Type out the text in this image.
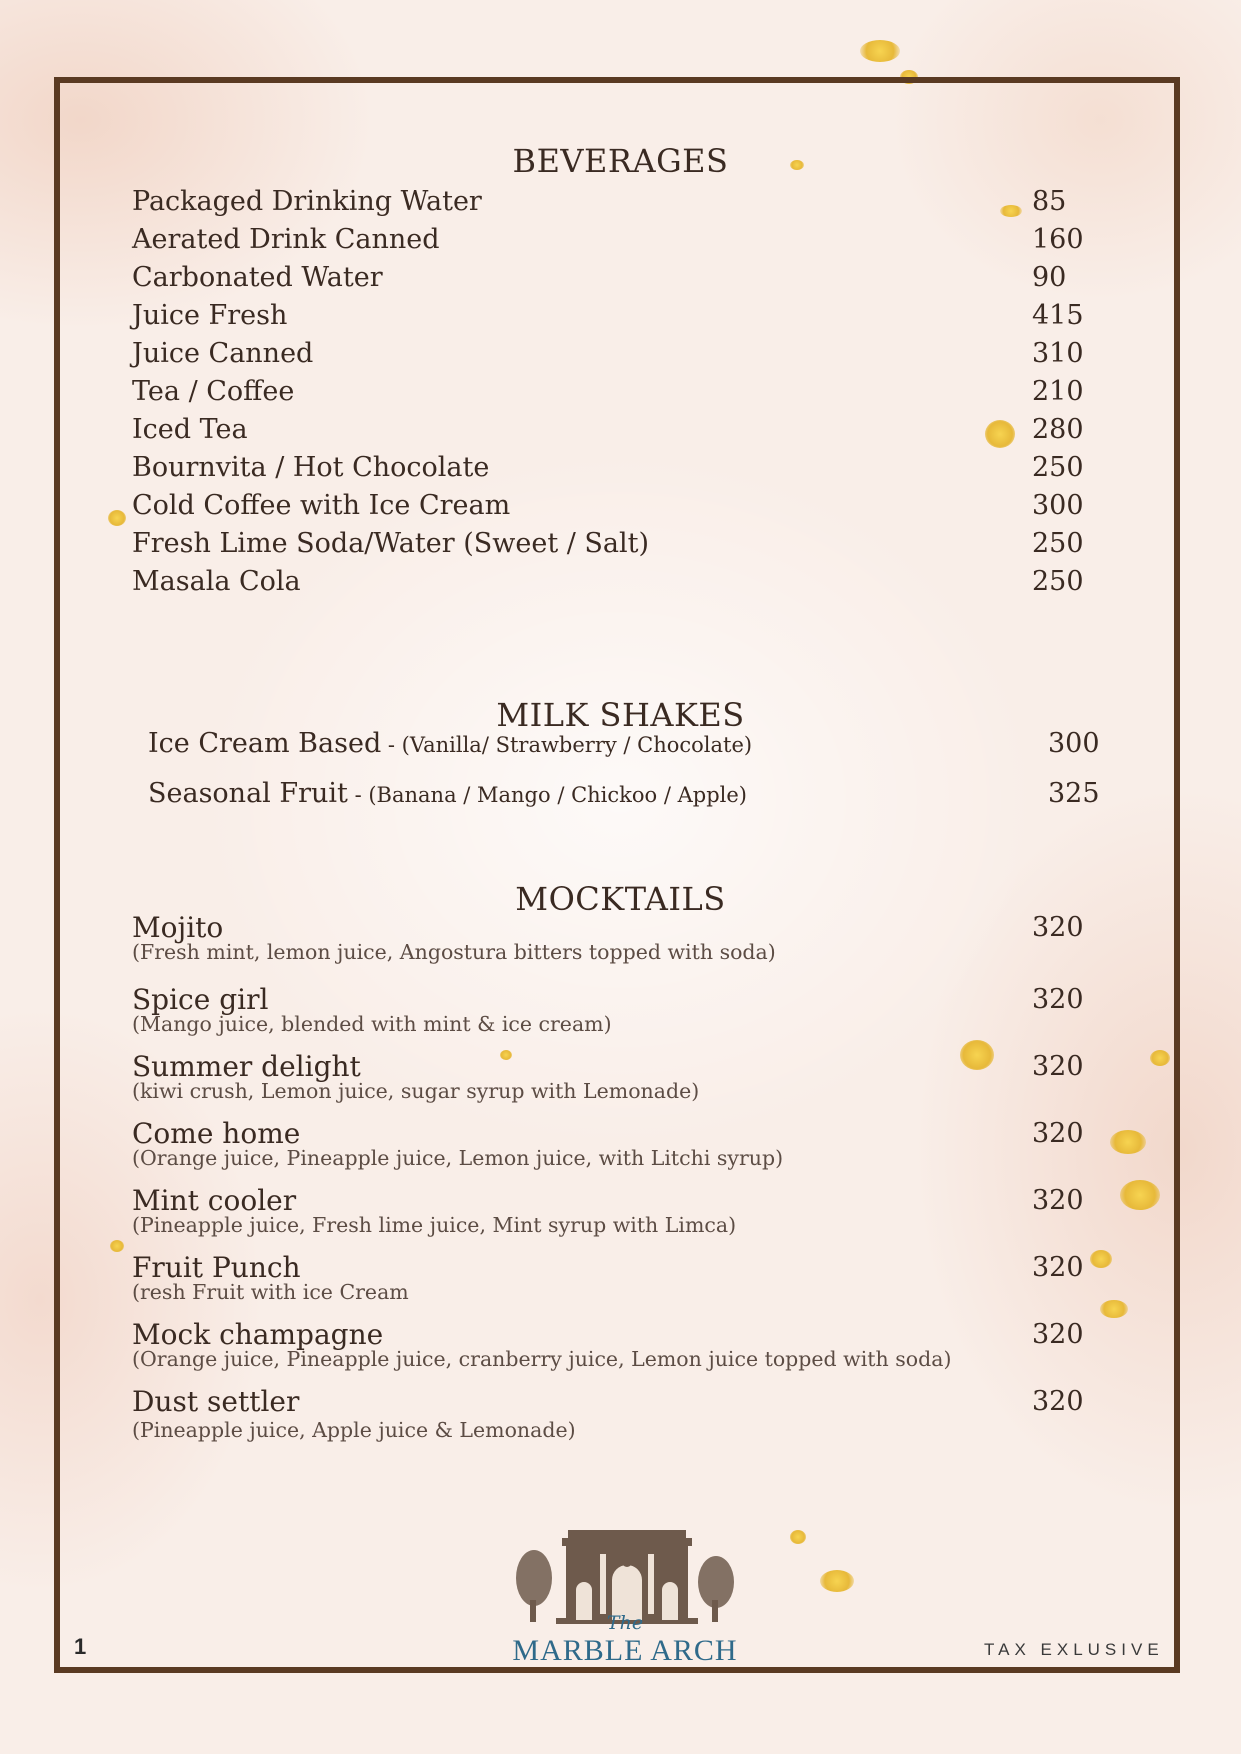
BEVERAGES
Packaged Drinking Water	85
Aerated Drink Canned	160
Carbonated Water	90
Juice Fresh	415
Juice Canned	310
Tea / Coffee	210
Iced Tea	280
Bournvita / Hot Chocolate	250
Cold Coffee with Ice Cream	300
Fresh Lime Soda/Water (Sweet / Salt)	250
Masala Cola	250
MILK SHAKES
Ice Cream Based - (Vanilla/ Strawberry / Chocolate)	300
Seasonal Fruit - (Banana / Mango / Chickoo / Apple)	325
MOCKTAILS
Mojito	320
(Fresh mint, lemon juice, Angostura bitters topped with soda)
Spice girl	320
(Mango juice, blended with mint & ice cream)
Summer delight	320
(kiwi crush, Lemon juice, sugar syrup with Lemonade)
Come home	320
(Orange juice, Pineapple juice, Lemon juice, with Litchi syrup)
Mint cooler	320
(Pineapple juice, Fresh lime juice, Mint syrup with Limca)
Fruit Punch	320
(resh Fruit with ice Cream
Mock champagne	320
(Orange juice, Pineapple juice, cranberry juice, Lemon juice topped with soda)
Dust settler	320
(Pineapple juice, Apple juice & Lemonade)
1
The
MARBLE ARCH	TAX EXLUSIVE
